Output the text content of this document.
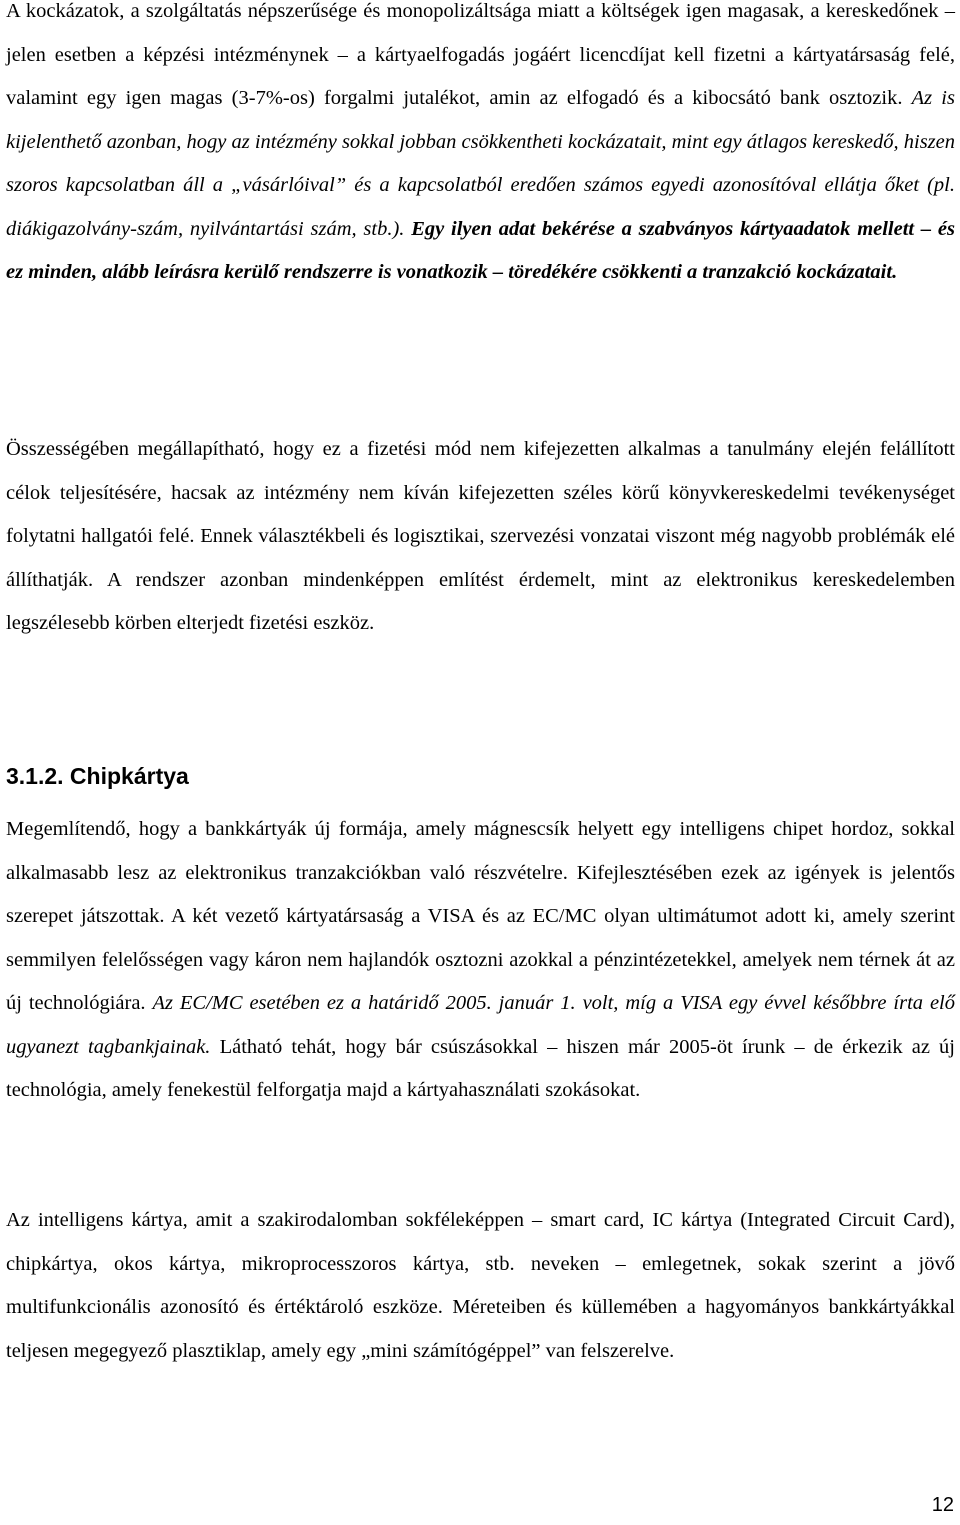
A kockázatok, a szolgáltatás népszerűsége és monopolizáltsága miatt a költségek igen magasak, a kereskedőnek – jelen esetben a képzési intézménynek – a kártyaelfogadás jogáért licencdíjat kell fizetni a kártyatársaság felé, valamint egy igen magas (3-7%-os) forgalmi jutalékot, amin az elfogadó és a kibocsátó bank osztozik. Az is kijelenthető azonban, hogy az intézmény sokkal jobban csökkentheti kockázatait, mint egy átlagos kereskedő, hiszen szoros kapcsolatban áll a „vásárlóival” és a kapcsolatból eredően számos egyedi azonosítóval ellátja őket (pl. diákigazolvány-szám, nyilvántartási szám, stb.). Egy ilyen adat bekérése a szabványos kártyaadatok mellett – és ez minden, alább leírásra kerülő rendszerre is vonatkozik – töredékére csökkenti a tranzakció kockázatait.

Összességében megállapítható, hogy ez a fizetési mód nem kifejezetten alkalmas a tanulmány elején felállított célok teljesítésére, hacsak az intézmény nem kíván kifejezetten széles körű könyvkereskedelmi tevékenységet folytatni hallgatói felé. Ennek választékbeli és logisztikai, szervezési vonzatai viszont még nagyobb problémák elé állíthatják. A rendszer azonban mindenképpen említést érdemelt, mint az elektronikus kereskedelemben legszélesebb körben elterjedt fizetési eszköz.

3.1.2. Chipkártya

Megemlítendő, hogy a bankkártyák új formája, amely mágnescsík helyett egy intelligens chipet hordoz, sokkal alkalmasabb lesz az elektronikus tranzakciókban való részvételre. Kifejlesztésében ezek az igények is jelentős szerepet játszottak. A két vezető kártyatársaság a VISA és az EC/MC olyan ultimátumot adott ki, amely szerint semmilyen felelősségen vagy káron nem hajlandók osztozni azokkal a pénzintézetekkel, amelyek nem térnek át az új technológiára. Az EC/MC esetében ez a határidő 2005. január 1. volt, míg a VISA egy évvel későbbre írta elő ugyanezt tagbankjainak. Látható tehát, hogy bár csúszásokkal – hiszen már 2005-öt írunk – de érkezik az új technológia, amely fenekestül felforgatja majd a kártyahasználati szokásokat.

Az intelligens kártya, amit a szakirodalomban sokféleképpen – smart card, IC kártya (Integrated Circuit Card), chipkártya, okos kártya, mikroprocesszoros kártya, stb. neveken – emlegetnek, sokak szerint a jövő multifunkcionális azonosító és értéktároló eszköze. Méreteiben és küllemében a hagyományos bankkártyákkal teljesen megegyező plasztiklap, amely egy „mini számítógéppel” van felszerelve.

12
